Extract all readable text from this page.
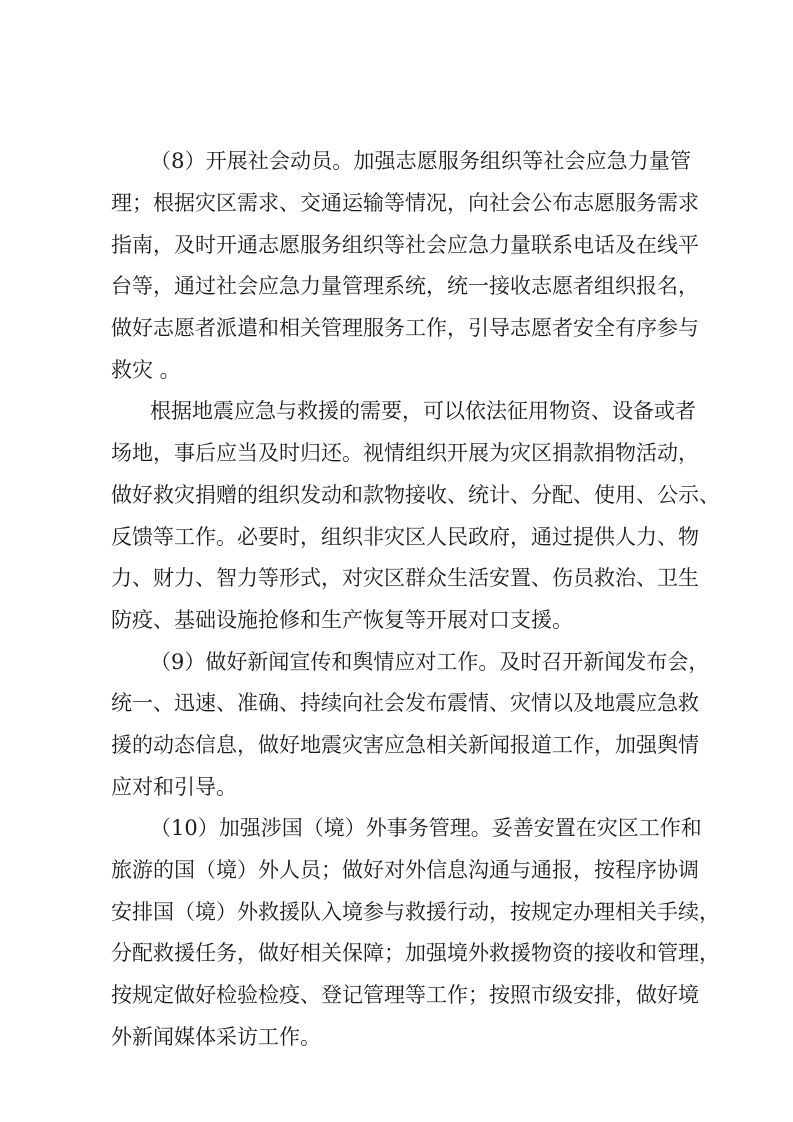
（8）开展社会动员。加强志愿服务组织等社会应急力量管
理；根据灾区需求、交通运输等情况，向社会公布志愿服务需求
指南，及时开通志愿服务组织等社会应急力量联系电话及在线平
台等，通过社会应急力量管理系统，统一接收志愿者组织报名，
做好志愿者派遣和相关管理服务工作，引导志愿者安全有序参与
救灾 。
根据地震应急与救援的需要，可以依法征用物资、设备或者
场地，事后应当及时归还。视情组织开展为灾区捐款捐物活动，
做好救灾捐赠的组织发动和款物接收、统计、分配、使用、公示、
反馈等工作。必要时，组织非灾区人民政府，通过提供人力、物
力、财力、智力等形式，对灾区群众生活安置、伤员救治、卫生
防疫、基础设施抢修和生产恢复等开展对口支援。
（9）做好新闻宣传和舆情应对工作。及时召开新闻发布会，
统一、迅速、准确、持续向社会发布震情、灾情以及地震应急救
援的动态信息，做好地震灾害应急相关新闻报道工作，加强舆情
应对和引导。
（10）加强涉国（境）外事务管理。妥善安置在灾区工作和
旅游的国（境）外人员；做好对外信息沟通与通报，按程序协调
安排国（境）外救援队入境参与救援行动，按规定办理相关手续，
分配救援任务，做好相关保障；加强境外救援物资的接收和管理，
按规定做好检验检疫、登记管理等工作；按照市级安排，做好境
外新闻媒体采访工作。
